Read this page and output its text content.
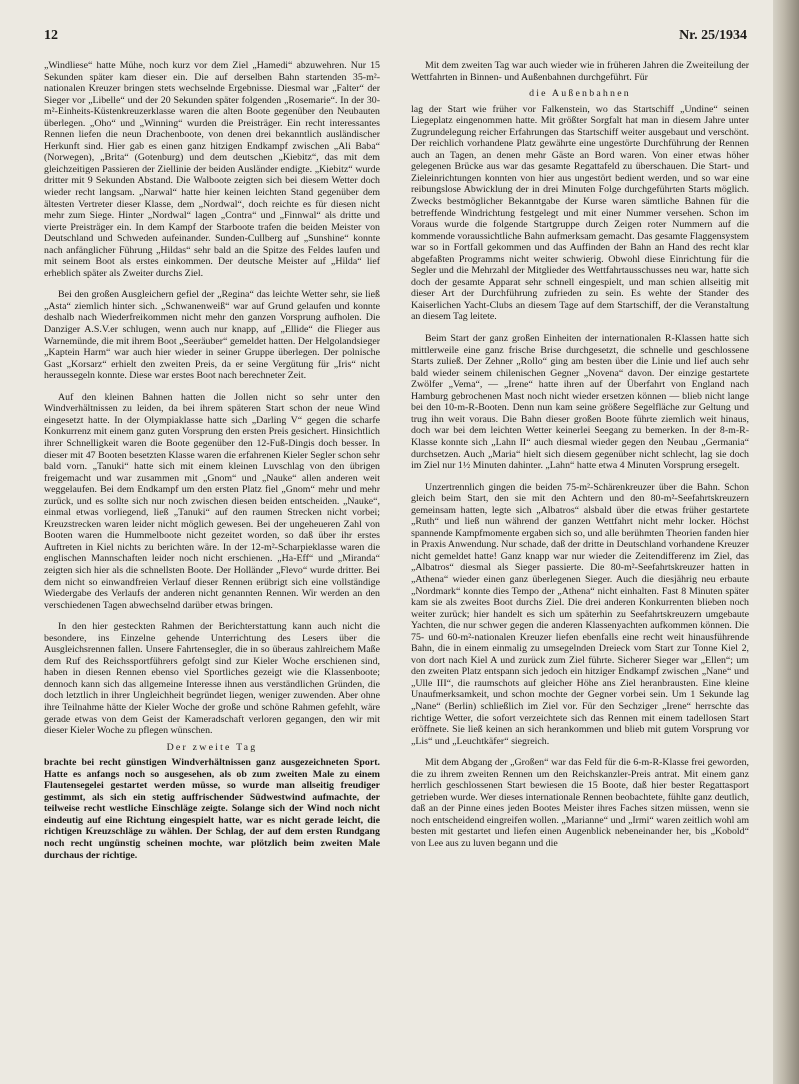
12	Nr. 25/1934

„Windliese“ hatte Mühe, noch kurz vor dem Ziel „Hamedi“ abzuwehren. Nur 15 Sekunden später kam dieser ein. Die auf derselben Bahn startenden 35-m²-nationalen Kreuzer bringen stets wechselnde Ergebnisse. Diesmal war „Falter“ der Sieger vor „Libelle“ und der 20 Sekunden später folgenden „Rosemarie“. In der 30-m²-Einheits-Küstenkreuzerklasse waren die alten Boote gegenüber den Neubauten überlegen. „Oho“ und „Winning“ wurden die Preisträger. Ein recht interessantes Rennen liefen die neun Drachenboote, von denen drei bekanntlich ausländischer Herkunft sind. Hier gab es einen ganz hitzigen Endkampf zwischen „Ali Baba“ (Norwegen), „Brita“ (Gotenburg) und dem deutschen „Kiebitz“, das mit dem gleichzeitigen Passieren der Ziellinie der beiden Ausländer endigte. „Kiebitz“ wurde dritter mit 9 Sekunden Abstand. Die Walboote zeigten sich bei diesem Wetter doch wieder recht langsam. „Narwal“ hatte hier keinen leichten Stand gegenüber dem ältesten Vertreter dieser Klasse, dem „Nordwal“, doch reichte es für diesen nicht mehr zum Siege. Hinter „Nordwal“ lagen „Contra“ und „Finnwal“ als dritte und vierte Preisträger ein. In dem Kampf der Starboote trafen die beiden Meister von Deutschland und Schweden aufeinander. Sunden-Cullberg auf „Sunshine“ konnte nach anfänglicher Führung „Hildas“ sehr bald an die Spitze des Feldes laufen und mit seinem Boot als erstes einkommen. Der deutsche Meister auf „Hilda“ lief erheblich später als Zweiter durchs Ziel.

Bei den großen Ausgleichern gefiel der „Regina“ das leichte Wetter sehr, sie ließ „Asta“ ziemlich hinter sich. „Schwanenweiß“ war auf Grund gelaufen und konnte deshalb nach Wiederfreikommen nicht mehr den ganzen Vorsprung aufholen. Die Danziger A.S.V.er schlugen, wenn auch nur knapp, auf „Ellide“ die Flieger aus Warnemünde, die mit ihrem Boot „Seeräuber“ gemeldet hatten. Der Helgolandsieger „Kaptein Harm“ war auch hier wieder in seiner Gruppe überlegen. Der polnische Gast „Korsarz“ erhielt den zweiten Preis, da er seine Vergütung für „Iris“ nicht heraussegeln konnte. Diese war erstes Boot nach berechneter Zeit.

Auf den kleinen Bahnen hatten die Jollen nicht so sehr unter den Windverhältnissen zu leiden, da bei ihrem späteren Start schon der neue Wind eingesetzt hatte. In der Olympiaklasse hatte sich „Darling V“ gegen die scharfe Konkurrenz mit einem ganz guten Vorsprung den ersten Preis gesichert. Hinsichtlich ihrer Schnelligkeit waren die Boote gegenüber den 12-Fuß-Dingis doch besser. In dieser mit 47 Booten besetzten Klasse waren die erfahrenen Kieler Segler schon sehr bald vorn. „Tanuki“ hatte sich mit einem kleinen Luvschlag von den übrigen freigemacht und war zusammen mit „Gnom“ und „Nauke“ allen anderen weit weggelaufen. Bei dem Endkampf um den ersten Platz fiel „Gnom“ mehr und mehr zurück, und es sollte sich nur noch zwischen diesen beiden entscheiden. „Nauke“, einmal etwas vorliegend, ließ „Tanuki“ auf den raumen Strecken nicht vorbei; Kreuzstrecken waren leider nicht möglich gewesen. Bei der ungeheueren Zahl von Booten waren die Hummelboote nicht gezeitet worden, so daß über ihr erstes Auftreten in Kiel nichts zu berichten wäre. In der 12-m²-Scharpieklasse waren die englischen Mannschaften leider noch nicht erschienen. „Ha-Eff“ und „Miranda“ zeigten sich hier als die schnellsten Boote. Der Holländer „Flevo“ wurde dritter. Bei dem nicht so einwandfreien Verlauf dieser Rennen erübrigt sich eine vollständige Wiedergabe des Verlaufs der anderen nicht genannten Rennen. Wir werden an den verschiedenen Tagen abwechselnd darüber etwas bringen.

In den hier gesteckten Rahmen der Berichterstattung kann auch nicht die besondere, ins Einzelne gehende Unterrichtung des Lesers über die Ausgleichsrennen fallen. Unsere Fahrtensegler, die in so überaus zahlreichem Maße dem Ruf des Reichssportführers gefolgt sind zur Kieler Woche erschienen sind, haben in diesen Rennen ebenso viel Sportliches gezeigt wie die Klassenboote; dennoch kann sich das allgemeine Interesse ihnen aus verständlichen Gründen, die doch letztlich in ihrer Ungleichheit begründet liegen, weniger zuwenden. Aber ohne ihre Teilnahme hätte der Kieler Woche der große und schöne Rahmen gefehlt, wäre gerade etwas von dem Geist der Kameradschaft verloren gegangen, den wir mit dieser Kieler Woche zu pflegen wünschen.

Der zweite Tag

brachte bei recht günstigen Windverhältnissen ganz ausgezeichneten Sport. Hatte es anfangs noch so ausgesehen, als ob zum zweiten Male zu einem Flautensegelei gestartet werden müsse, so wurde man allseitig freudiger gestimmt, als sich ein stetig auffrischender Südwestwind aufmachte, der teilweise recht westliche Einschläge zeigte. Solange sich der Wind noch nicht eindeutig auf eine Richtung eingespielt hatte, war es nicht gerade leicht, die richtigen Kreuzschläge zu wählen. Der Schlag, der auf dem ersten Rundgang noch recht ungünstig scheinen mochte, war plötzlich beim zweiten Male durchaus der richtige.

Mit dem zweiten Tag war auch wieder wie in früheren Jahren die Zweiteilung der Wettfahrten in Binnen- und Außenbahnen durchgeführt. Für

die Außenbahnen

lag der Start wie früher vor Falkenstein, wo das Startschiff „Undine“ seinen Liegeplatz eingenommen hatte. Mit größter Sorgfalt hat man in diesem Jahre unter Zugrundelegung reicher Erfahrungen das Startschiff weiter ausgebaut und verschönt. Der reichlich vorhandene Platz gewährte eine ungestörte Durchführung der Rennen auch an Tagen, an denen mehr Gäste an Bord waren. Von einer etwas höher gelegenen Brücke aus war das gesamte Regattafeld zu überschauen. Die Start- und Zieleinrichtungen konnten von hier aus ungestört bedient werden, und so war eine reibungslose Abwicklung der in drei Minuten Folge durchgeführten Starts möglich. Zwecks bestmöglicher Bekanntgabe der Kurse waren sämtliche Bahnen für die betreffende Windrichtung festgelegt und mit einer Nummer versehen. Schon im Voraus wurde die folgende Startgruppe durch Zeigen roter Nummern auf die kommende voraussichtliche Bahn aufmerksam gemacht. Das gesamte Flaggensystem war so in Fortfall gekommen und das Auffinden der Bahn an Hand des recht klar abgefaßten Programms nicht weiter schwierig. Obwohl diese Einrichtung für die Segler und die Mehrzahl der Mitglieder des Wettfahrtausschusses neu war, hatte sich doch der gesamte Apparat sehr schnell eingespielt, und man schien allseitig mit dieser Art der Durchführung zufrieden zu sein. Es wehte der Stander des Kaiserlichen Yacht-Clubs an diesem Tage auf dem Startschiff, der die Veranstaltung an diesem Tag leitete.

Beim Start der ganz großen Einheiten der internationalen R-Klassen hatte sich mittlerweile eine ganz frische Brise durchgesetzt, die schnelle und geschlossene Starts zuließ. Der Zehner „Rollo“ ging am besten über die Linie und lief auch sehr bald wieder seinem chilenischen Gegner „Novena“ davon. Der einzige gestartete Zwölfer „Vema“, — „Irene“ hatte ihren auf der Überfahrt von England nach Hamburg gebrochenen Mast noch nicht wieder ersetzen können — blieb nicht lange bei den 10-m-R-Booten. Denn nun kam seine größere Segelfläche zur Geltung und trug ihn weit voraus. Die Bahn dieser großen Boote führte ziemlich weit hinaus, doch war bei dem leichten Wetter keinerlei Seegang zu bemerken. In der 8-m-R-Klasse konnte sich „Lahn II“ auch diesmal wieder gegen den Neubau „Germania“ durchsetzen. Auch „Maria“ hielt sich diesem gegenüber nicht schlecht, lag sie doch im Ziel nur 1½ Minuten dahinter. „Lahn“ hatte etwa 4 Minuten Vorsprung ersegelt.

Unzertrennlich gingen die beiden 75-m²-Schärenkreuzer über die Bahn. Schon gleich beim Start, den sie mit den Achtern und den 80-m²-Seefahrtskreuzern gemeinsam hatten, legte sich „Albatros“ alsbald über die etwas früher gestartete „Ruth“ und ließ nun während der ganzen Wettfahrt nicht mehr locker. Höchst spannende Kampfmomente ergaben sich so, und alle berühmten Theorien fanden hier in Praxis Anwendung. Nur schade, daß der dritte in Deutschland vorhandene Kreuzer nicht gemeldet hatte! Ganz knapp war nur wieder die Zeitendifferenz im Ziel, das „Albatros“ diesmal als Sieger passierte. Die 80-m²-Seefahrtskreuzer hatten in „Athena“ wieder einen ganz überlegenen Sieger. Auch die diesjährig neu erbaute „Nordmark“ konnte dies Tempo der „Athena“ nicht einhalten. Fast 8 Minuten später kam sie als zweites Boot durchs Ziel. Die drei anderen Konkurrenten blieben noch weiter zurück; hier handelt es sich um späterhin zu Seefahrtskreuzern umgebaute Yachten, die nur schwer gegen die anderen Klassenyachten aufkommen können. Die 75- und 60-m²-nationalen Kreuzer liefen ebenfalls eine recht weit hinausführende Bahn, die in einem einmalig zu umsegelnden Dreieck vom Start zur Tonne Kiel 2, von dort nach Kiel A und zurück zum Ziel führte. Sicherer Sieger war „Ellen“; um den zweiten Platz entspann sich jedoch ein hitziger Endkampf zwischen „Nane“ und „Ulle III“, die raumschots auf gleicher Höhe ans Ziel heranbrausten. Eine kleine Unaufmerksamkeit, und schon mochte der Gegner vorbei sein. Um 1 Sekunde lag „Nane“ (Berlin) schließlich im Ziel vor. Für den Sechziger „Irene“ herrschte das richtige Wetter, die sofort verzeichtete sich das Rennen mit einem tadellosen Start eröffnete. Sie ließ keinen an sich herankommen und blieb mit gutem Vorsprung vor „Lis“ und „Leuchtkäfer“ siegreich.

Mit dem Abgang der „Großen“ war das Feld für die 6-m-R-Klasse frei geworden, die zu ihrem zweiten Rennen um den Reichskanzler-Preis antrat. Mit einem ganz herrlich geschlossenen Start bewiesen die 15 Boote, daß hier bester Regattasport getrieben wurde. Wer dieses internationale Rennen beobachtete, fühlte ganz deutlich, daß an der Pinne eines jeden Bootes Meister ihres Faches sitzen müssen, wenn sie noch entscheidend eingreifen wollen. „Marianne“ und „Irmi“ waren zeitlich wohl am besten mit gestartet und liefen einen Augenblick nebeneinander her, bis „Kobold“ von Lee aus zu luven begann und die
